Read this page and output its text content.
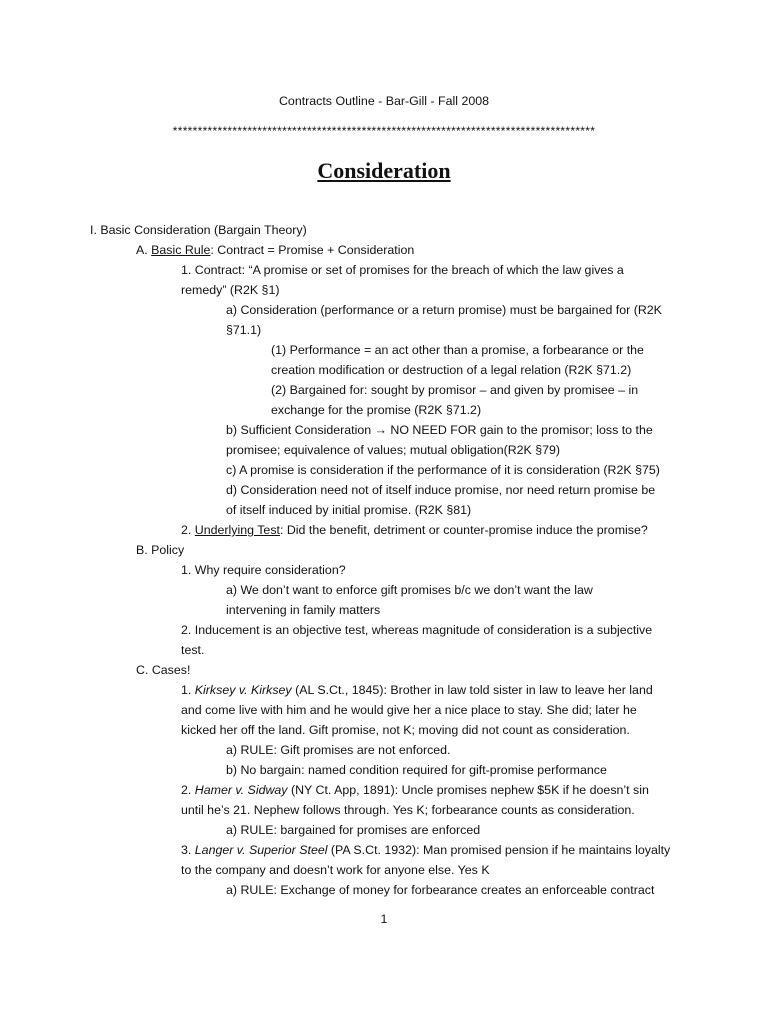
Contracts Outline - Bar-Gill - Fall 2008
*************************************************************************************
Consideration
I. Basic Consideration (Bargain Theory)
A. Basic Rule: Contract = Promise + Consideration
1. Contract: “A promise or set of promises for the breach of which the law gives a
remedy” (R2K §1)
a) Consideration (performance or a return promise) must be bargained for (R2K
§71.1)
(1) Performance = an act other than a promise, a forbearance or the
creation modification or destruction of a legal relation (R2K §71.2)
(2) Bargained for: sought by promisor – and given by promisee – in
exchange for the promise (R2K §71.2)
b) Sufficient Consideration → NO NEED FOR gain to the promisor; loss to the
promisee; equivalence of values; mutual obligation(R2K §79)
c) A promise is consideration if the performance of it is consideration (R2K §75)
d) Consideration need not of itself induce promise, nor need return promise be
of itself induced by initial promise. (R2K §81)
2. Underlying Test: Did the benefit, detriment or counter-promise induce the promise?
B. Policy
1. Why require consideration?
a) We don’t want to enforce gift promises b/c we don’t want the law
intervening in family matters
2. Inducement is an objective test, whereas magnitude of consideration is a subjective
test.
C. Cases!
1. Kirksey v. Kirksey (AL S.Ct., 1845): Brother in law told sister in law to leave her land
and come live with him and he would give her a nice place to stay. She did; later he
kicked her off the land. Gift promise, not K; moving did not count as consideration.
a) RULE: Gift promises are not enforced.
b) No bargain: named condition required for gift-promise performance
2. Hamer v. Sidway (NY Ct. App, 1891): Uncle promises nephew $5K if he doesn’t sin
until he’s 21. Nephew follows through. Yes K; forbearance counts as consideration.
a) RULE: bargained for promises are enforced
3. Langer v. Superior Steel (PA S.Ct. 1932): Man promised pension if he maintains loyalty
to the company and doesn’t work for anyone else. Yes K
a) RULE: Exchange of money for forbearance creates an enforceable contract
1
